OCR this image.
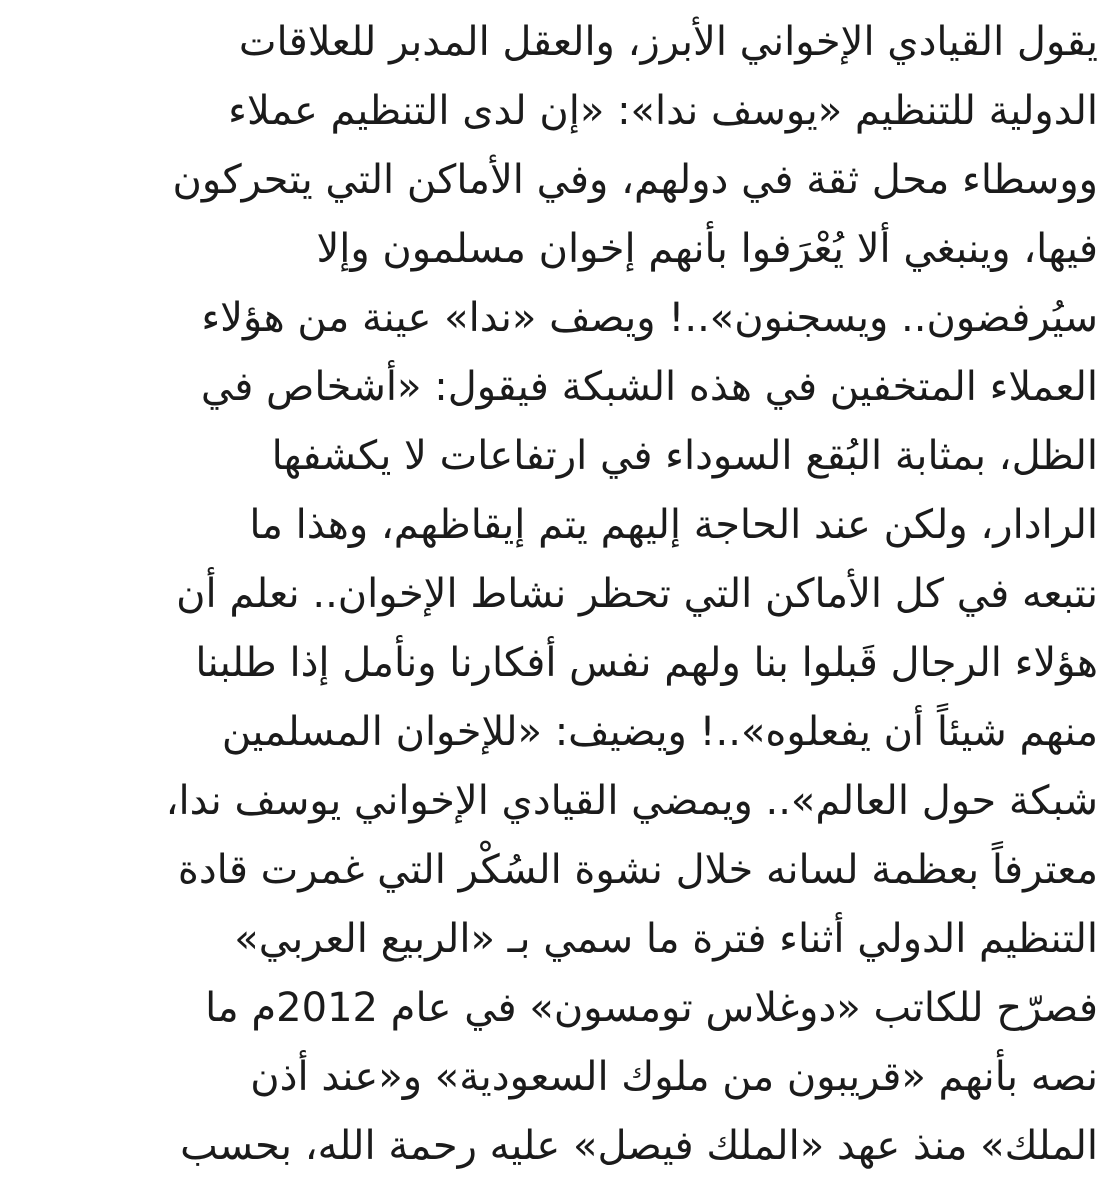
يقول القيادي الإخواني الأبرز، والعقل المدبر للعلاقات
الدولية للتنظيم «يوسف ندا»: «إن لدى التنظيم عملاء
ووسطاء محل ثقة في دولهم، وفي الأماكن التي يتحركون
فيها، وينبغي ألا يُعْرَفوا بأنهم إخوان مسلمون وإلا
سيُرفضون.. ويسجنون»..! ويصف «ندا» عينة من هؤلاء
العملاء المتخفين في هذه الشبكة فيقول: «أشخاص في
الظل، بمثابة البُقع السوداء في ارتفاعات لا يكشفها
الرادار، ولكن عند الحاجة إليهم يتم إيقاظهم، وهذا ما
نتبعه في كل الأماكن التي تحظر نشاط الإخوان.. نعلم أن
هؤلاء الرجال قَبلوا بنا ولهم نفس أفكارنا ونأمل إذا طلبنا
منهم شيئاً أن يفعلوه»..! ويضيف: «للإخوان المسلمين
شبكة حول العالم».. ويمضي القيادي الإخواني يوسف ندا،
معترفاً بعظمة لسانه خلال نشوة السُكْر التي غمرت قادة
التنظيم الدولي أثناء فترة ما سمي بـ «الربيع العربي»
فصرّح للكاتب «دوغلاس تومسون» في عام 2012م ما
نصه بأنهم «قريبون من ملوك السعودية» و«عند أذن
الملك» منذ عهد «الملك فيصل» عليه رحمة الله، بحسب
